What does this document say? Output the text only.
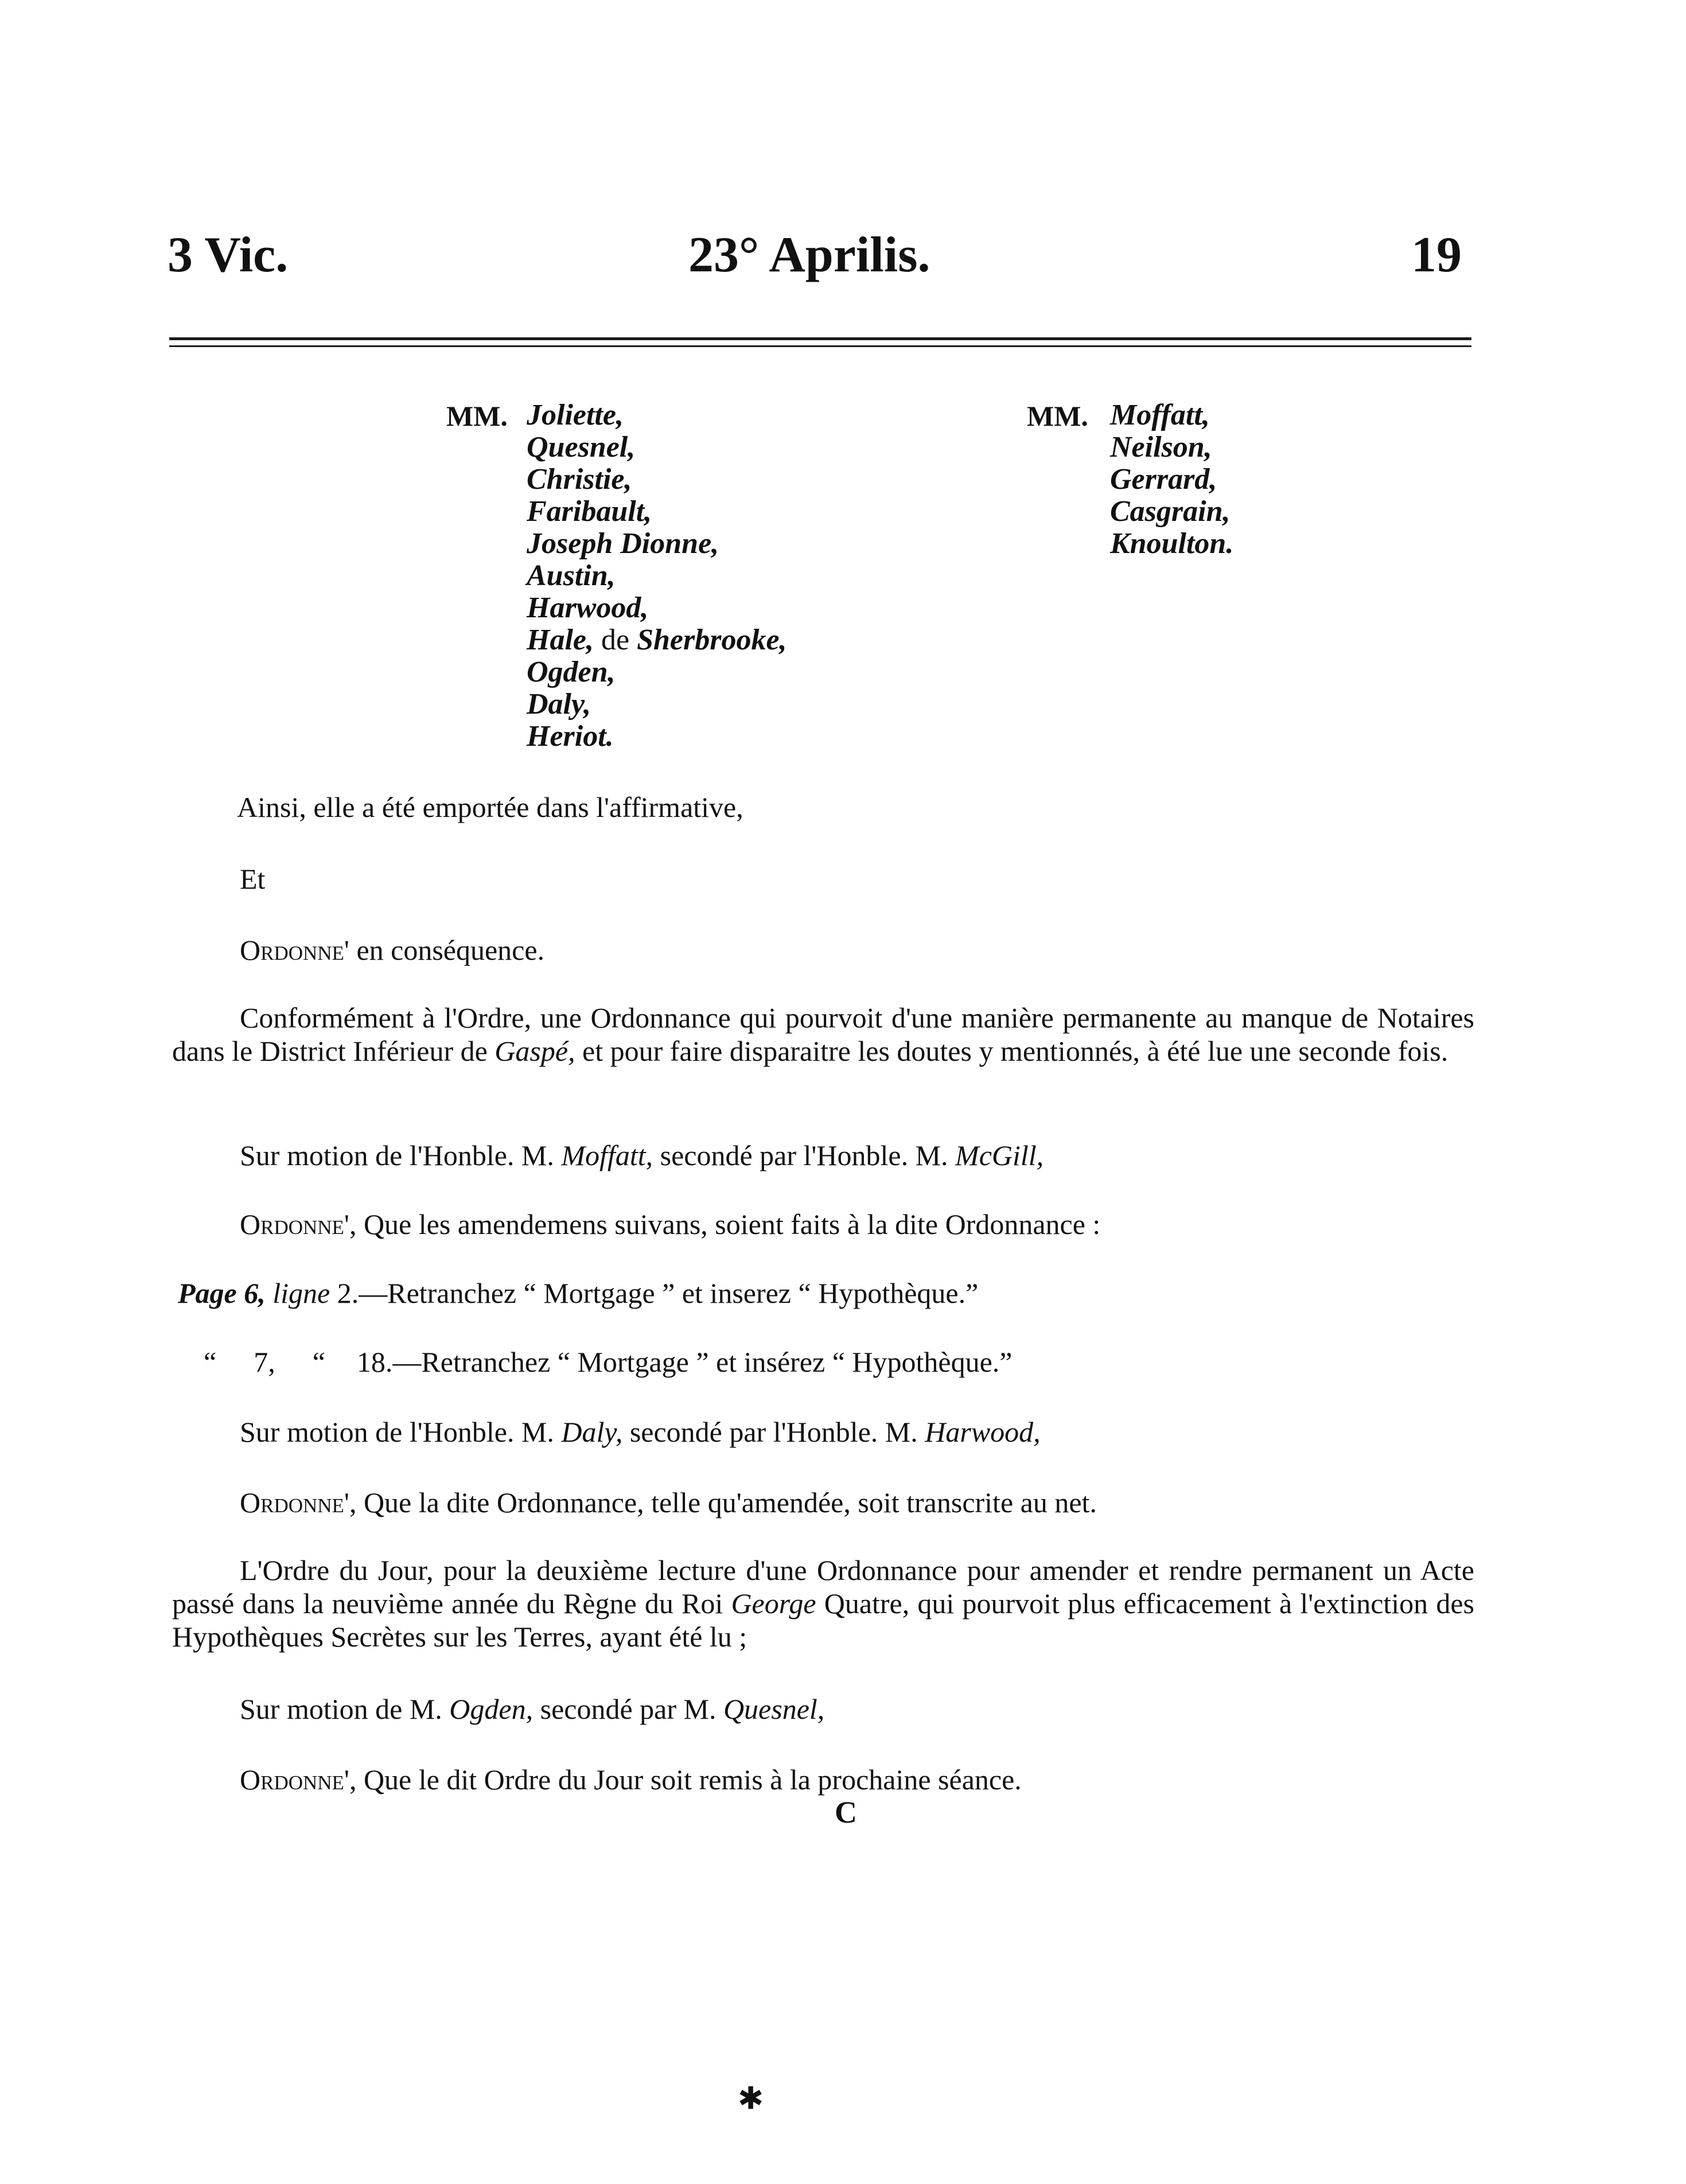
3 Vic.	23° Aprilis.	19
MM. Joliette,
Quesnel,
Christie,
Faribault,
Joseph Dionne,
Austin,
Harwood,
Hale, de Sherbrooke,
Ogden,
Daly,
Heriot.
MM. Moffatt,
Neilson,
Gerrard,
Casgrain,
Knoulton.
Ainsi, elle a été emportée dans l'affirmative,
Et
Ordonne' en conséquence.
Conformément à l'Ordre, une Ordonnance qui pourvoit d'une manière permanente au manque de Notaires dans le District Inférieur de Gaspé, et pour faire disparaitre les doutes y mentionnés, à été lue une seconde fois.
Sur motion de l'Honble. M. Moffatt, secondé par l'Honble. M. McGill,
Ordonne', Que les amendemens suivans, soient faits à la dite Ordonnance :
Page 6, ligne 2.—Retranchez “ Mortgage ” et inserez “ Hypothèque.”
“ 7, “ 18.—Retranchez “ Mortgage ” et insérez “ Hypothèque.”
Sur motion de l'Honble. M. Daly, secondé par l'Honble. M. Harwood,
Ordonne', Que la dite Ordonnance, telle qu'amendée, soit transcrite au net.
L'Ordre du Jour, pour la deuxième lecture d'une Ordonnance pour amender et rendre permanent un Acte passé dans la neuvième année du Règne du Roi George Quatre, qui pourvoit plus efficacement à l'extinction des Hypothèques Secrètes sur les Terres, ayant été lu ;
Sur motion de M. Ogden, secondé par M. Quesnel,
Ordonne', Que le dit Ordre du Jour soit remis à la prochaine séance.
C
✱
